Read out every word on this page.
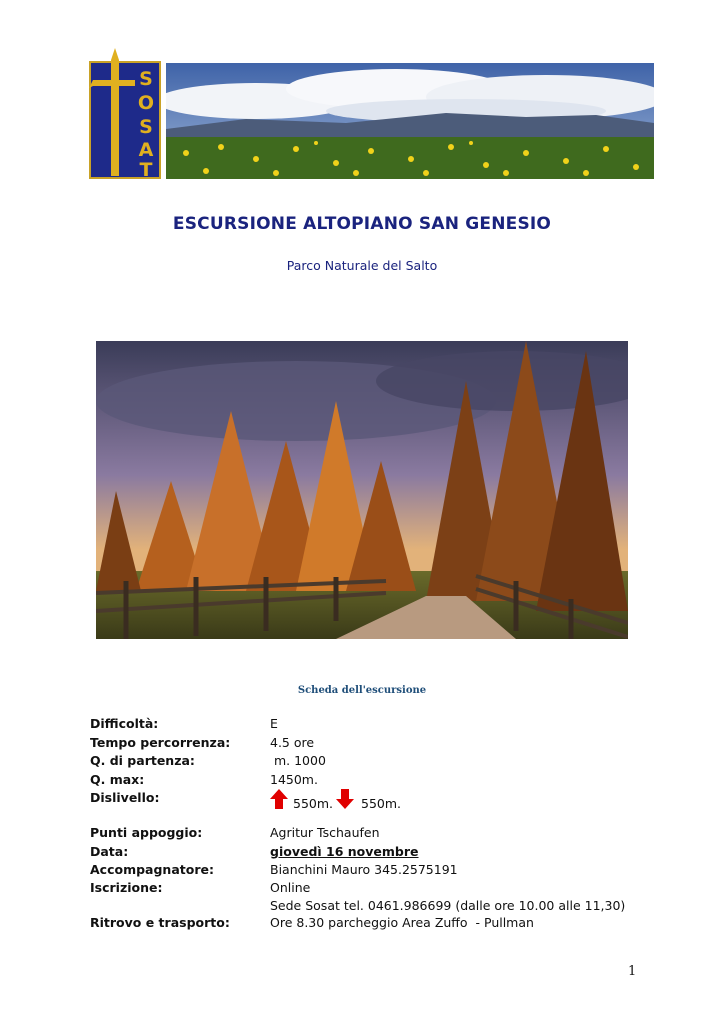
S
O
S
A
T
ESCURSIONE ALTOPIANO SAN GENESIO
Parco Naturale del Salto
Scheda dell'escursione
Difficoltà:	E
Tempo percorrenza:	4.5 ore
Q. di partenza:	m. 1000
Q. max:	1450m.
Dislivello:	550m. 550m.
Punti appoggio:	Agritur Tschaufen
Data:	giovedì 16 novembre
Accompagnatore:	Bianchini Mauro 345.2575191
Iscrizione:	Online
Sede Sosat tel. 0461.986699 (dalle ore 10.00 alle 11,30)
Ritrovo e trasporto:	Ore 8.30 parcheggio Area Zuffo  - Pullman
1
